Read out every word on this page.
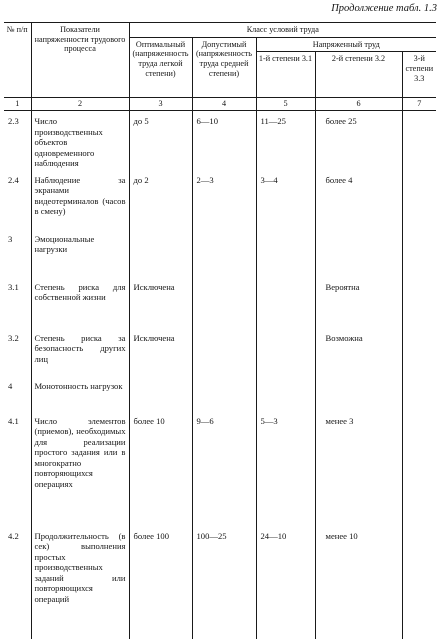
Продолжение табл. 1.3
№ п/п	Показатели напряженности трудового процесса	Класс условий труда				
		Оптимальный (напряженность труда легкой степени)	Допустимый (напряженность труда средней степени)	Напряженный труд		
				1-й степени 3.1	2-й степени 3.2	3-й степени 3.3
1	2	3	4	5	6	7
2.3	Число производственных объектов одновременного наблюдения	до 5	6—10	11—25	более 25	
2.4	Наблюдение за экранами видеотерминалов (часов в смену)	до 2	2—3	3—4	более 4	
3	Эмоциональные нагрузки					
3.1	Степень риска для собственной жизни	Исключена			Вероятна	
3.2	Степень риска за безопасность других лиц	Исключена			Возможна	
4	Монотонность нагрузок					
4.1	Число элементов (приемов), необходимых для реализации простого задания или в многократно повторяющихся операциях	более 10	9—6	5—3	менее 3	
4.2	Продолжительность (в сек) выполнения простых производственных заданий или повторяющихся операций	более 100	100—25	24—10	менее 10	
